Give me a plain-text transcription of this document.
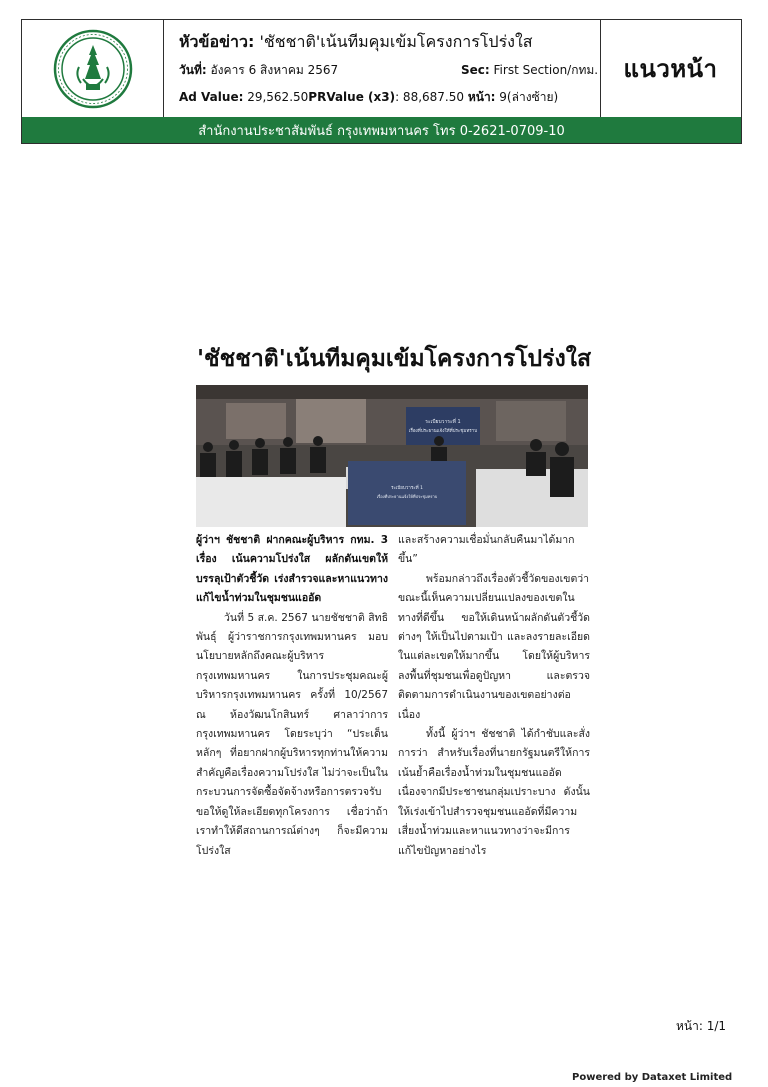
หัวข้อข่าว: 'ชัชชาติ'เน้นทีมคุมเข้มโครงการโปร่งใส
วันที่: อังคาร 6 สิงหาคม 2567	Sec: First Section/กทม.
Ad Value: 29,562.50PRValue (x3): 88,687.50 หน้า: 9(ล่างซ้าย)
แนวหน้า
สำนักงานประชาสัมพันธ์ กรุงเทพมหานคร โทร 0-2621-0709-10
'ชัชชาติ'เน้นทีมคุมเข้มโครงการโปร่งใส
ระเบียบวาระที่ 1
เรื่องที่ประธานแจ้งให้ที่ประชุมทราบ
ระเบียบวาระที่ 1
เรื่องที่ประธานแจ้งให้ที่ประชุมทราบ

ผู้ว่าฯ ชัชชาติ ฝากคณะผู้บริหาร กทม. 3 เรื่อง เน้นความโปร่งใส ผลักดันเขตให้บรรลุเป้าตัวชี้วัด เร่งสำรวจและหาแนวทางแก้ไขน้ำท่วมในชุมชนแออัด

วันที่ 5 ส.ค. 2567 นายชัชชาติ สิทธิพันธุ์ ผู้ว่าราชการกรุงเทพมหานคร มอบนโยบายหลักถึงคณะผู้บริหารกรุงเทพมหานคร ในการประชุมคณะผู้บริหารกรุงเทพมหานคร ครั้งที่ 10/2567 ณ ห้องวัฒนโกสินทร์ ศาลาว่าการกรุงเทพมหานคร โดยระบุว่า “ประเด็นหลักๆ ที่อยากฝากผู้บริหารทุกท่านให้ความสำคัญคือเรื่องความโปร่งใส ไม่ว่าจะเป็นในกระบวนการจัดซื้อจัดจ้างหรือการตรวจรับ ขอให้ดูให้ละเอียดทุกโครงการ เชื่อว่าถ้าเราทำให้ดีสถานการณ์ต่างๆ ก็จะมีความโปร่งใส

และสร้างความเชื่อมั่นกลับคืนมาได้มากขึ้น”

พร้อมกล่าวถึงเรื่องตัวชี้วัดของเขตว่า ขณะนี้เห็นความเปลี่ยนแปลงของเขตในทางที่ดีขึ้น ขอให้เดินหน้าผลักดันตัวชี้วัดต่างๆ ให้เป็นไปตามเป้า และลงรายละเอียดในแต่ละเขตให้มากขึ้น โดยให้ผู้บริหารลงพื้นที่ชุมชนเพื่อดูปัญหา และตรวจติดตามการดำเนินงานของเขตอย่างต่อเนื่อง

ทั้งนี้ ผู้ว่าฯ ชัชชาติ ได้กำชับและสั่งการว่า สำหรับเรื่องที่นายกรัฐมนตรีให้การเน้นย้ำคือเรื่องน้ำท่วมในชุมชนแออัดเนื่องจากมีประชาชนกลุ่มเปราะบาง ดังนั้น ให้เร่งเข้าไปสำรวจชุมชนแออัดที่มีความเสี่ยงน้ำท่วมและหาแนวทางว่าจะมีการแก้ไขปัญหาอย่างไร

หน้า: 1/1
Powered by Dataxet Limited
